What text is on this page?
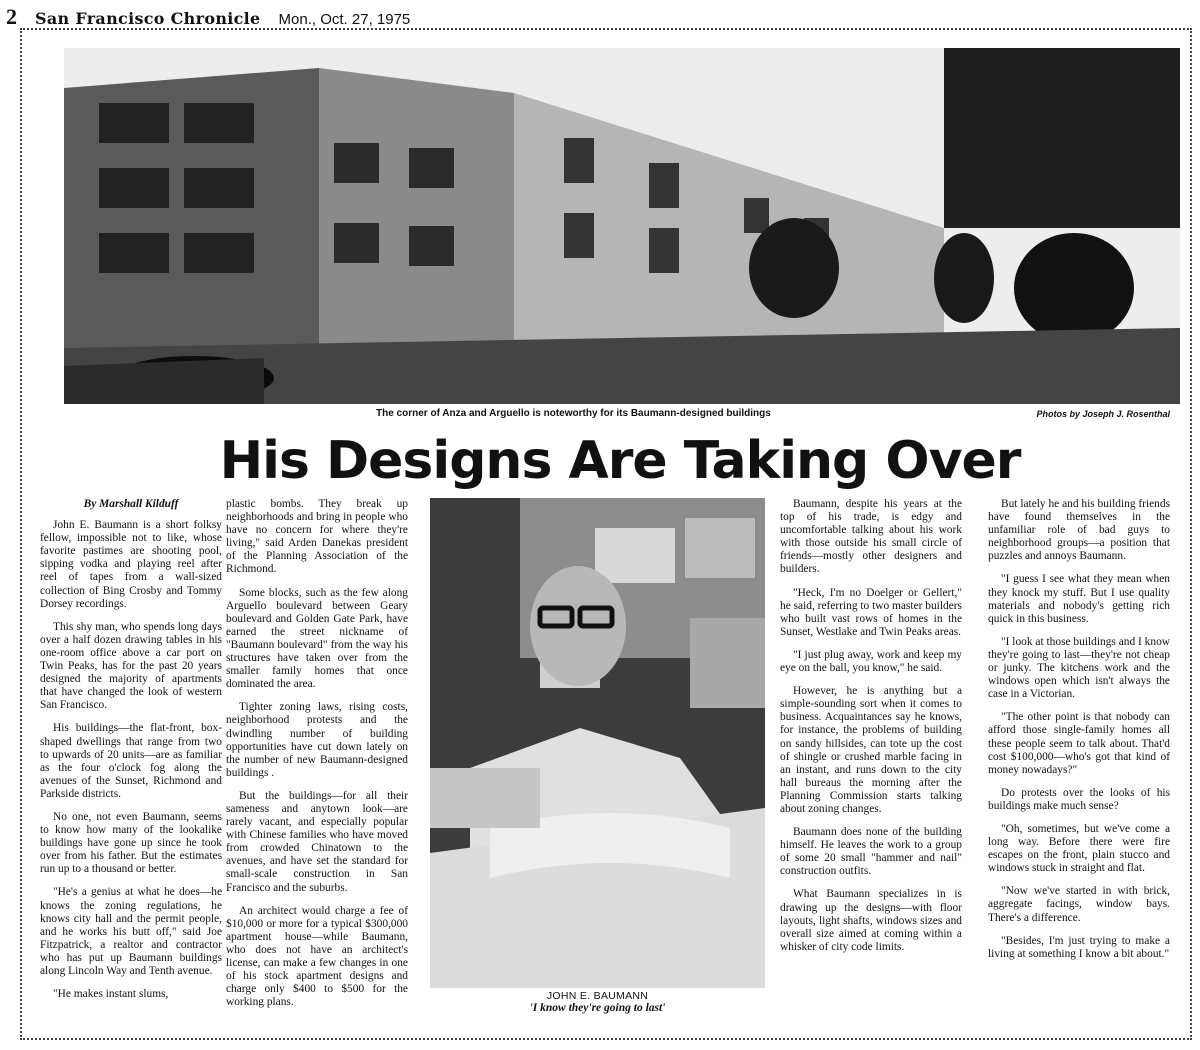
2 San Francisco Chronicle Mon., Oct. 27, 1975
The corner of Anza and Arguello is noteworthy for its Baumann-designed buildings	Photos by Joseph J. Rosenthal
His Designs Are Taking Over

By Marshall Kilduff

John E. Baumann is a short folksy fellow, impossible not to like, whose favorite pastimes are shooting pool, sipping vodka and playing reel after reel of tapes from a wall-sized collection of Bing Crosby and Tommy Dorsey recordings.

This shy man, who spends long days over a half dozen drawing tables in his one-room office above a car port on Twin Peaks, has for the past 20 years designed the majority of apartments that have changed the look of western San Francisco.

His buildings—the flat-front, box-shaped dwellings that range from two to upwards of 20 units—are as familiar as the four o'clock fog along the avenues of the Sunset, Richmond and Parkside districts.

No one, not even Baumann, seems to know how many of the lookalike buildings have gone up since he took over from his father. But the estimates run up to a thousand or better.

"He's a genius at what he does—he knows the zoning regulations, he knows city hall and the permit people, and he works his butt off," said Joe Fitzpatrick, a realtor and contractor who has put up Baumann buildings along Lincoln Way and Tenth avenue.

"He makes instant slums,

plastic bombs. They break up neighborhoods and bring in people who have no concern for where they're living," said Arden Danekas president of the Planning Association of the Richmond.

Some blocks, such as the few along Arguello boulevard between Geary boulevard and Golden Gate Park, have earned the street nickname of "Baumann boulevard" from the way his structures have taken over from the smaller family homes that once dominated the area.

Tighter zoning laws, rising costs, neighborhood protests and the dwindling number of building opportunities have cut down lately on the number of new Baumann-designed buildings .

But the buildings—for all their sameness and anytown look—are rarely vacant, and especially popular with Chinese families who have moved from crowded Chinatown to the avenues, and have set the standard for small-scale construction in San Francisco and the suburbs.

An architect would charge a fee of $10,000 or more for a typical $300,000 apartment house—while Baumann, who does not have an architect's license, can make a few changes in one of his stock apartment designs and charge only $400 to $500 for the working plans.

JOHN E. BAUMANN
'I know they're going to last'

Baumann, despite his years at the top of his trade, is edgy and uncomfortable talking about his work with those outside his small circle of friends—mostly other designers and builders.

"Heck, I'm no Doelger or Gellert," he said, referring to two master builders who built vast rows of homes in the Sunset, Westlake and Twin Peaks areas.

"I just plug away, work and keep my eye on the ball, you know," he said.

However, he is anything but a simple-sounding sort when it comes to business. Acquaintances say he knows, for instance, the problems of building on sandy hillsides, can tote up the cost of shingle or crushed marble facing in an instant, and runs down to the city hall bureaus the morning after the Planning Commission starts talking about zoning changes.

Baumann does none of the building himself. He leaves the work to a group of some 20 small "hammer and nail" construction outfits.

What Baumann specializes in is drawing up the designs—with floor layouts, light shafts, windows sizes and overall size aimed at coming within a whisker of city code limits.

But lately he and his building friends have found themselves in the unfamiliar role of bad guys to neighborhood groups—a position that puzzles and annoys Baumann.

"I guess I see what they mean when they knock my stuff. But I use quality materials and nobody's getting rich quick in this business.

"I look at those buildings and I know they're going to last—they're not cheap or junky. The kitchens work and the windows open which isn't always the case in a Victorian.

"The other point is that nobody can afford those single-family homes all these people seem to talk about. That'd cost $100,000—who's got that kind of money nowadays?"

Do protests over the looks of his buildings make much sense?

"Oh, sometimes, but we've come a long way. Before there were fire escapes on the front, plain stucco and windows stuck in straight and flat.

"Now we've started in with brick, aggregate facings, window bays. There's a difference.

"Besides, I'm just trying to make a living at something I know a bit about."
